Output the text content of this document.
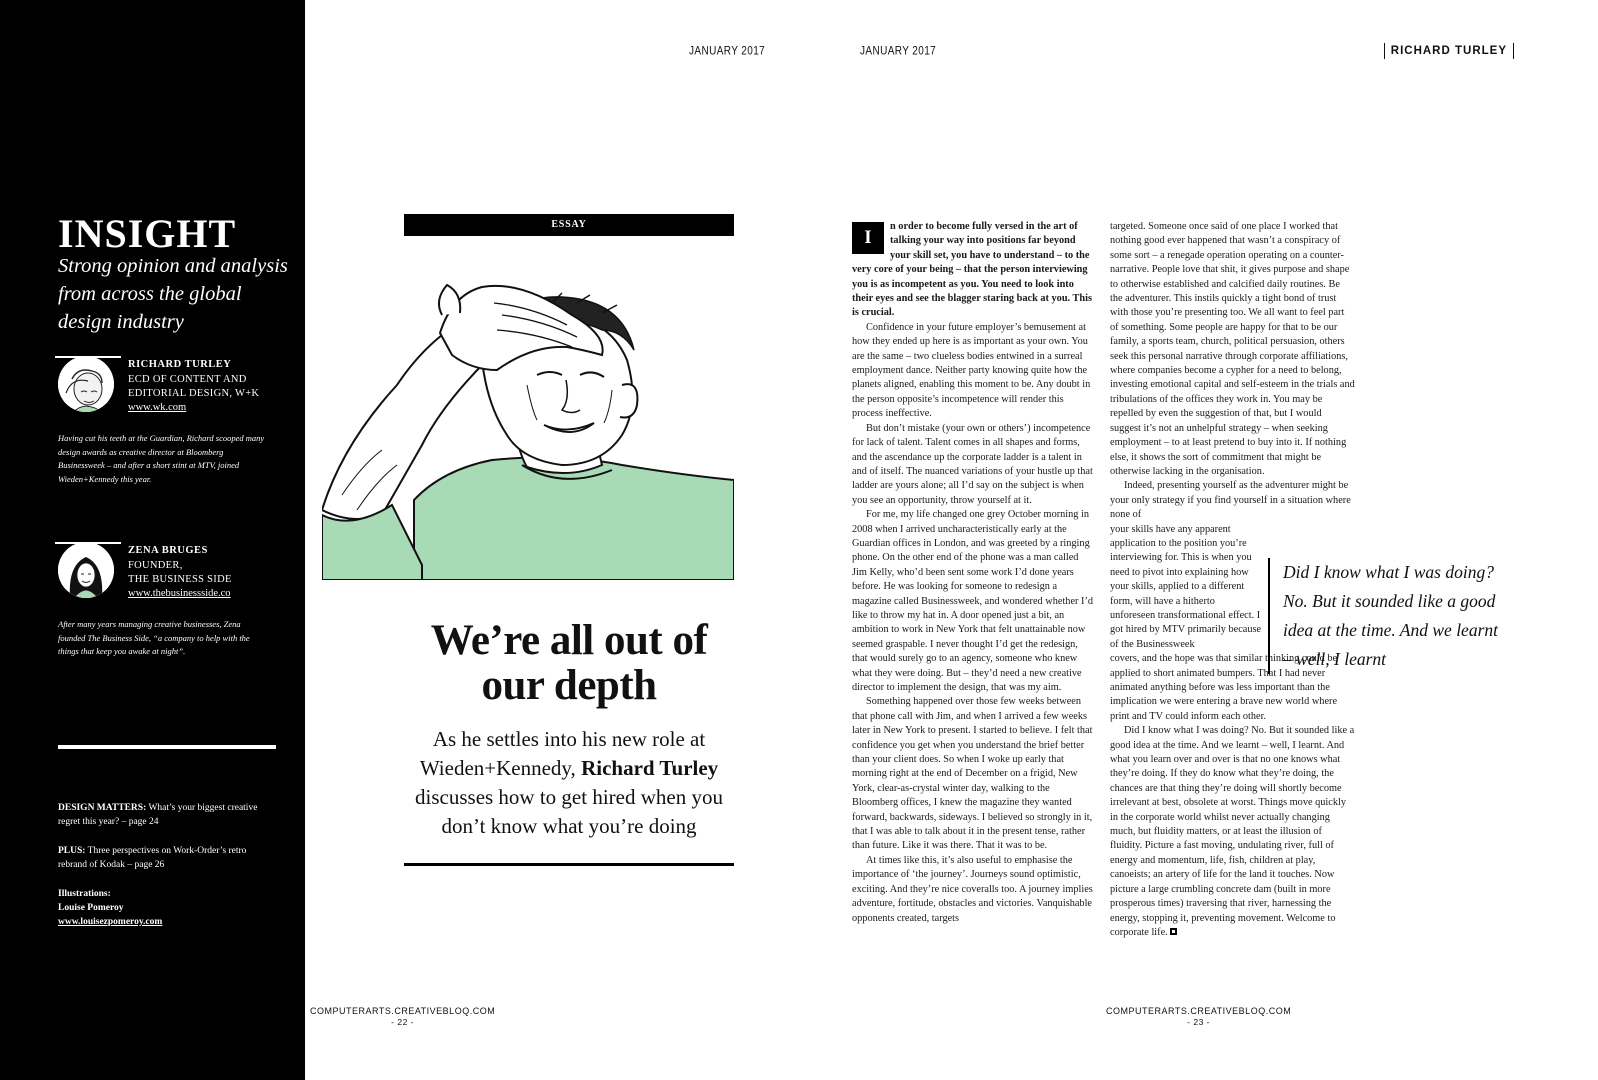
INSIGHT
Strong opinion and analysis from across the global design industry
RICHARD TURLEY
ECD OF CONTENT AND
EDITORIAL DESIGN, W+K
www.wk.com
Having cut his teeth at the Guardian, Richard scooped many design awards as creative director at Bloomberg Businessweek – and after a short stint at MTV, joined Wieden+Kennedy this year.
ZENA BRUGES
FOUNDER,
THE BUSINESS SIDE
www.thebusinessside.co
After many years managing creative businesses, Zena founded The Business Side, “a company to help with the things that keep you awake at night”.
DESIGN MATTERS: What’s your biggest creative regret this year? – page 24
PLUS: Three perspectives on Work-Order’s retro rebrand of Kodak – page 26
Illustrations:
Louise Pomeroy
www.louisezpomeroy.com
JANUARY 2017	JANUARY 2017	RICHARD TURLEY
ESSAY
We’re all out of our depth
As he settles into his new role at Wieden+Kennedy, Richard Turley discusses how to get hired when you don’t know what you’re doing

I
n order to become fully versed in the art of talking your way into positions far beyond your skill set, you have to understand – to the very core of your being – that the person interviewing you is as incompetent as you. You need to look into their eyes and see the blagger staring back at you. This is crucial.

Confidence in your future employer’s bemusement at how they ended up here is as important as your own. You are the same – two clueless bodies entwined in a surreal employment dance. Neither party knowing quite how the planets aligned, enabling this moment to be. Any doubt in the person opposite’s incompetence will render this process ineffective.

But don’t mistake (your own or others’) incompetence for lack of talent. Talent comes in all shapes and forms, and the ascendance up the corporate ladder is a talent in and of itself. The nuanced variations of your hustle up that ladder are yours alone; all I’d say on the subject is when you see an opportunity, throw yourself at it.

For me, my life changed one grey October morning in 2008 when I arrived uncharacteristically early at the Guardian offices in London, and was greeted by a ringing phone. On the other end of the phone was a man called Jim Kelly, who’d been sent some work I’d done years before. He was looking for someone to redesign a magazine called Businessweek, and wondered whether I’d like to throw my hat in. A door opened just a bit, an ambition to work in New York that felt unattainable now seemed graspable. I never thought I’d get the redesign, that would surely go to an agency, someone who knew what they were doing. But – they’d need a new creative director to implement the design, that was my aim.

Something happened over those few weeks between that phone call with Jim, and when I arrived a few weeks later in New York to present. I started to believe. I felt that confidence you get when you understand the brief better than your client does. So when I woke up early that morning right at the end of December on a frigid, New York, clear-as-crystal winter day, walking to the Bloomberg offices, I knew the magazine they wanted forward, backwards, sideways. I believed so strongly in it, that I was able to talk about it in the present tense, rather than future. Like it was there. That it was to be.

At times like this, it’s also useful to emphasise the importance of ‘the journey’. Journeys sound optimistic, exciting. And they’re nice coveralls too. A journey implies adventure, fortitude, obstacles and victories. Vanquishable opponents created, targets

targeted. Someone once said of one place I worked that nothing good ever happened that wasn’t a conspiracy of some sort – a renegade operation operating on a counter-narrative. People love that shit, it gives purpose and shape to otherwise established and calcified daily routines. Be the adventurer. This instils quickly a tight bond of trust with those you’re presenting too. We all want to feel part of something. Some people are happy for that to be our family, a sports team, church, political persuasion, others seek this personal narrative through corporate affiliations, where companies become a cypher for a need to belong, investing emotional capital and self-esteem in the trials and tribulations of the offices they work in. You may be repelled by even the suggestion of that, but I would suggest it’s not an unhelpful strategy – when seeking employment – to at least pretend to buy into it. If nothing else, it shows the sort of commitment that might be otherwise lacking in the organisation.

Indeed, presenting yourself as the adventurer might be your only strategy if you find yourself in a situation where none of

your skills have any apparent application to the position you’re interviewing for. This is when you need to pivot into explaining how your skills, applied to a different form, will have a hitherto unforeseen transformational effect. I got hired by MTV primarily because of the Businessweek

covers, and the hope was that similar thinking could be applied to short animated bumpers. That I had never animated anything before was less important than the implication we were entering a brave new world where print and TV could inform each other.

Did I know what I was doing? No. But it sounded like a good idea at the time. And we learnt – well, I learnt. And what you learn over and over is that no one knows what they’re doing. If they do know what they’re doing, the chances are that thing they’re doing will shortly become irrelevant at best, obsolete at worst. Things move quickly in the corporate world whilst never actually changing much, but fluidity matters, or at least the illusion of fluidity. Picture a fast moving, undulating river, full of energy and momentum, life, fish, children at play, canoeists; an artery of life for the land it touches. Now picture a large crumbling concrete dam (built in more prosperous times) traversing that river, harnessing the energy, stopping it, preventing movement. Welcome to corporate life.

Did I know what I was doing? No. But it sounded like a good idea at the time. And we learnt – well, I learnt
COMPUTERARTS.CREATIVEBLOQ.COM
- 22 -
COMPUTERARTS.CREATIVEBLOQ.COM
- 23 -
